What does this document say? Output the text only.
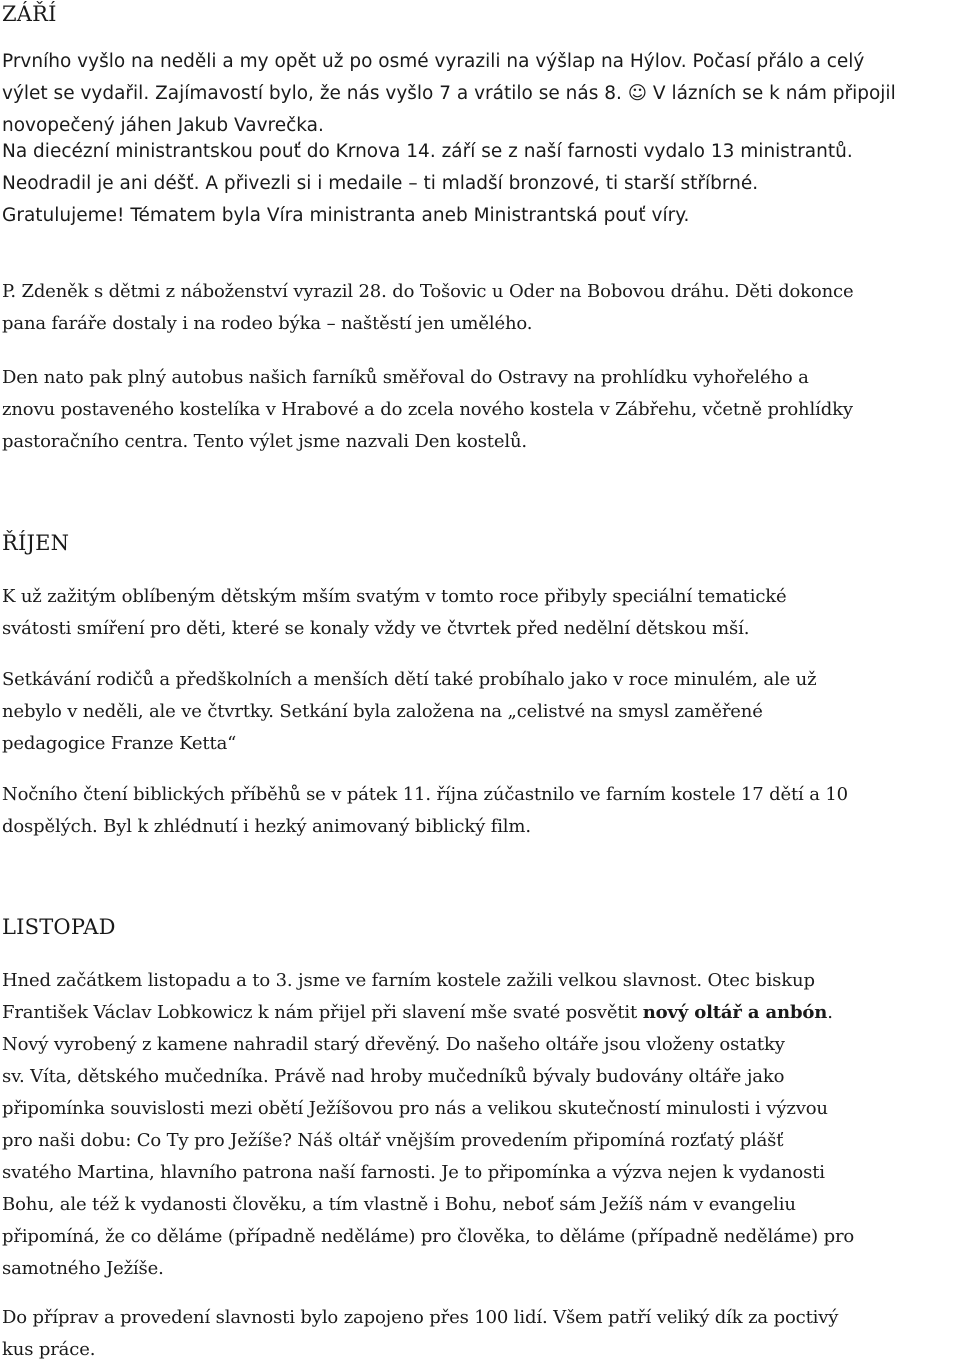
ZÁŘÍ

Prvního vyšlo na neděli a my opět už po osmé vyrazili na výšlap na Hýlov. Počasí přálo a celý
výlet se vydařil. Zajímavostí bylo, že nás vyšlo 7 a vrátilo se nás 8. ☺ V lázních se k nám připojil
novopečený jáhen Jakub Vavrečka.

Na diecézní ministrantskou pouť do Krnova 14. září se z naší farnosti vydalo 13 ministrantů.
Neodradil je ani déšť. A přivezli si i medaile – ti mladší bronzové, ti starší stříbrné.
Gratulujeme! Tématem byla Víra ministranta aneb Ministrantská pouť víry.

P. Zdeněk s dětmi z náboženství vyrazil 28. do Tošovic u Oder na Bobovou dráhu. Děti dokonce
pana faráře dostaly i na rodeo býka – naštěstí jen umělého.

Den nato pak plný autobus našich farníků směřoval do Ostravy na prohlídku vyhořelého a
znovu postaveného kostelíka v Hrabové a do zcela nového kostela v Zábřehu, včetně prohlídky
pastoračního centra. Tento výlet jsme nazvali Den kostelů.

ŘÍJEN

K už zažitým oblíbeným dětským mším svatým v tomto roce přibyly speciální tematické
svátosti smíření pro děti, které se konaly vždy ve čtvrtek před nedělní dětskou mší.

Setkávání rodičů a předškolních a menších dětí také probíhalo jako v roce minulém, ale už
nebylo v neděli, ale ve čtvrtky. Setkání byla založena na „celistvé na smysl zaměřené
pedagogice Franze Ketta“

Nočního čtení biblických příběhů se v pátek 11. října zúčastnilo ve farním kostele 17 dětí a 10
dospělých. Byl k zhlédnutí i hezký animovaný biblický film.

LISTOPAD

Hned začátkem listopadu a to 3. jsme ve farním kostele zažili velkou slavnost. Otec biskup
František Václav Lobkowicz k nám přijel při slavení mše svaté posvětit nový oltář a anbón.
Nový vyrobený z kamene nahradil starý dřevěný. Do našeho oltáře jsou vloženy ostatky
sv. Víta, dětského mučedníka. Právě nad hroby mučedníků bývaly budovány oltáře jako
připomínka souvislosti mezi obětí Ježíšovou pro nás a velikou skutečností minulosti i výzvou
pro naši dobu: Co Ty pro Ježíše? Náš oltář vnějším provedením připomíná rozťatý plášť
svatého Martina, hlavního patrona naší farnosti. Je to připomínka a výzva nejen k vydanosti
Bohu, ale též k vydanosti člověku, a tím vlastně i Bohu, neboť sám Ježíš nám v evangeliu
připomíná, že co děláme (případně neděláme) pro člověka, to děláme (případně neděláme) pro
samotného Ježíše.

Do příprav a provedení slavnosti bylo zapojeno přes 100 lidí. Všem patří veliký dík za poctivý
kus práce.
